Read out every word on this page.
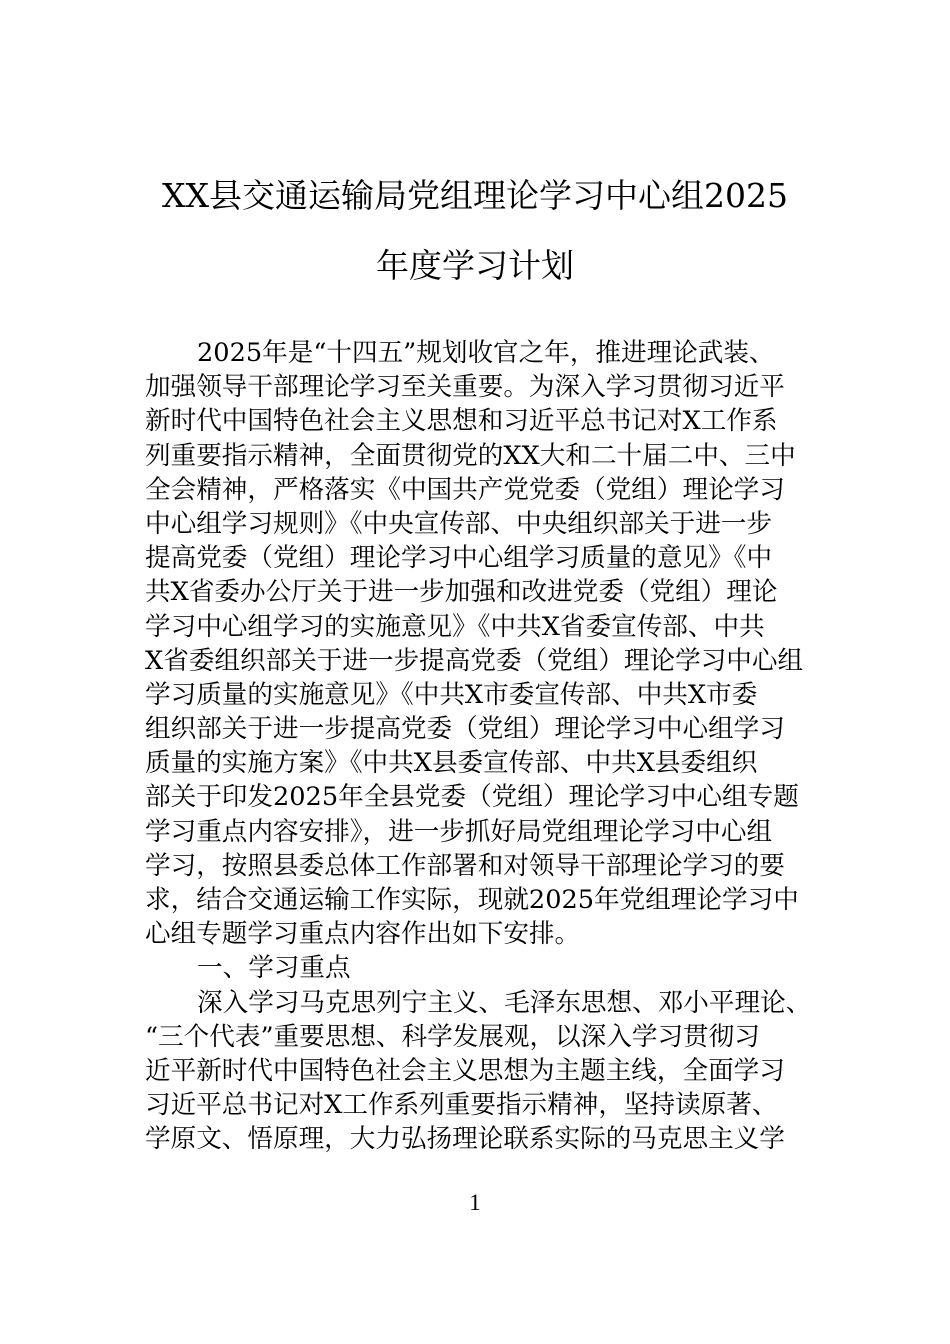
XX县交通运输局党组理论学习中心组2025
年度学习计划
2025年是“十四五”规划收官之年，推进理论武装、
加强领导干部理论学习至关重要。为深入学习贯彻习近平
新时代中国特色社会主义思想和习近平总书记对X工作系
列重要指示精神，全面贯彻党的XX大和二十届二中、三中
全会精神，严格落实《中国共产党党委（党组）理论学习
中心组学习规则》《中央宣传部、中央组织部关于进一步
提高党委（党组）理论学习中心组学习质量的意见》《中
共X省委办公厅关于进一步加强和改进党委（党组）理论
学习中心组学习的实施意见》《中共X省委宣传部、中共
X省委组织部关于进一步提高党委（党组）理论学习中心组
学习质量的实施意见》《中共X市委宣传部、中共X市委
组织部关于进一步提高党委（党组）理论学习中心组学习
质量的实施方案》《中共X县委宣传部、中共X县委组织
部关于印发2025年全县党委（党组）理论学习中心组专题
学习重点内容安排》，进一步抓好局党组理论学习中心组
学习，按照县委总体工作部署和对领导干部理论学习的要
求，结合交通运输工作实际，现就2025年党组理论学习中
心组专题学习重点内容作出如下安排。
一、学习重点
深入学习马克思列宁主义、毛泽东思想、邓小平理论、
“三个代表”重要思想、科学发展观，以深入学习贯彻习
近平新时代中国特色社会主义思想为主题主线，全面学习
习近平总书记对X工作系列重要指示精神，坚持读原著、
学原文、悟原理，大力弘扬理论联系实际的马克思主义学
1
